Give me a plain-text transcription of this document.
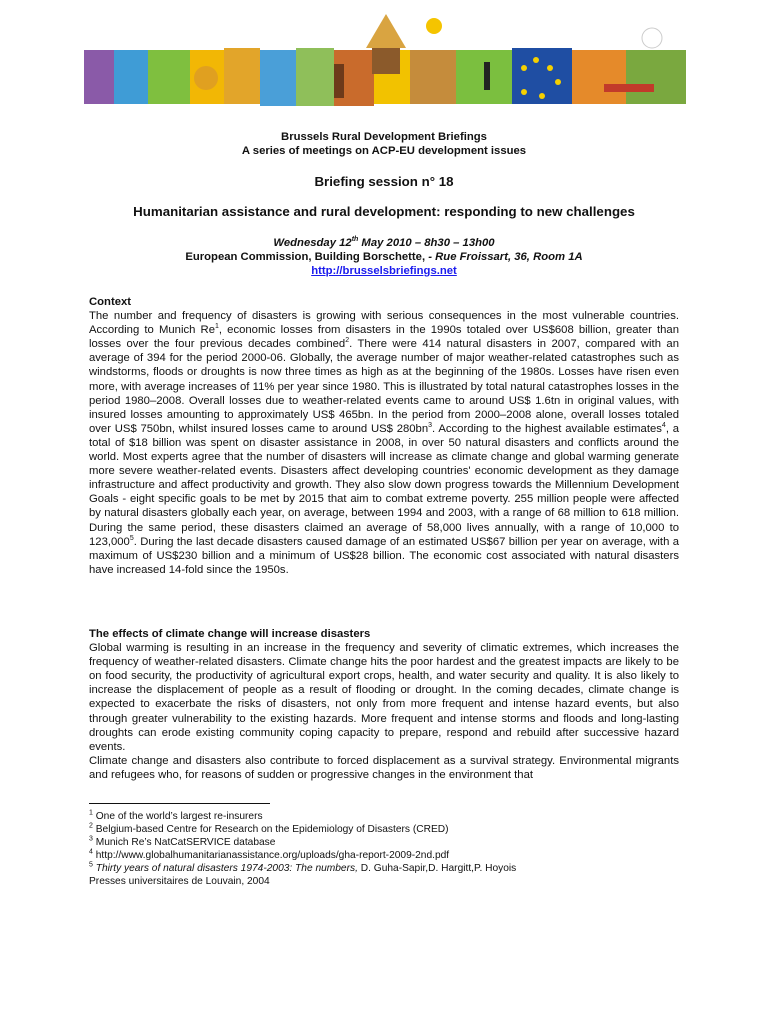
Brussels Rural Development Briefings
A series of meetings on ACP-EU development issues
Briefing session n° 18
Humanitarian assistance and rural development: responding to new challenges
Wednesday 12th May 2010 – 8h30 – 13h00
European Commission, Building Borschette, - Rue Froissart, 36, Room 1A
http://brusselsbriefings.net
Context
The number and frequency of disasters is growing with serious consequences in the most vulnerable countries. According to Munich Re$^1$, economic losses from disasters in the 1990s totaled over US$608 billion, greater than losses over the four previous decades combined$^2$. There were 414 natural disasters in 2007, compared with an average of 394 for the period 2000-06. Globally, the average number of major weather-related catastrophes such as windstorms, floods or droughts is now three times as high as at the beginning of the 1980s. Losses have risen even more, with average increases of 11% per year since 1980. This is illustrated by total natural catastrophes losses in the period 1980–2008. Overall losses due to weather-related events came to around US$ 1.6tn in original values, with insured losses amounting to approximately US$ 465bn. In the period from 2000–2008 alone, overall losses totaled over US$ 750bn, whilst insured losses came to around US$ $280bn^3$. According to the highest available estimates$^4$, a total of $18 billion was spent on disaster assistance in 2008, in over 50 natural disasters and conflicts around the world. Most experts agree that the number of disasters will increase as climate change and global warming generate more severe weather-related events. Disasters affect developing countries' economic development as they damage infrastructure and affect productivity and growth. They also slow down progress towards the Millennium Development Goals - eight specific goals to be met by 2015 that aim to combat extreme poverty. 255 million people were affected by natural disasters globally each year, on average, between 1994 and 2003, with a range of 68 million to 618 million. During the same period, these disasters claimed an average of 58,000 lives annually, with a range of 10,000 to 123,000$^5$. During the last decade disasters caused damage of an estimated US$67 billion per year on average, with a maximum of US$230 billion and a minimum of US$28 billion. The economic cost associated with natural disasters have increased 14-fold since the 1950s.
The effects of climate change will increase disasters
Global warming is resulting in an increase in the frequency and severity of climatic extremes, which increases the frequency of weather-related disasters. Climate change hits the poor hardest and the greatest impacts are likely to be on food security, the productivity of agricultural export crops, health, and water security and quality. It is also likely to increase the displacement of people as a result of flooding or drought. In the coming decades, climate change is expected to exacerbate the risks of disasters, not only from more frequent and intense hazard events, but also through greater vulnerability to the existing hazards. More frequent and intense storms and floods and long-lasting droughts can erode existing community coping capacity to prepare, respond and rebuild after successive hazard events.
Climate change and disasters also contribute to forced displacement as a survival strategy. Environmental migrants and refugees who, for reasons of sudden or progressive changes in the environment that
$^1$ One of the world’s largest re-insurers
$^2$ Belgium-based Centre for Research on the Epidemiology of Disasters (CRED)
$^3$ Munich Re’s NatCatSERVICE database
$^4$ http://www.globalhumanitarianassistance.org/uploads/gha-report-2009-2nd.pdf
$^5$ Thirty years of natural disasters 1974-2003: The numbers, D. Guha-Sapir,D. Hargitt,P. Hoyois
Presses universitaires de Louvain, 2004
